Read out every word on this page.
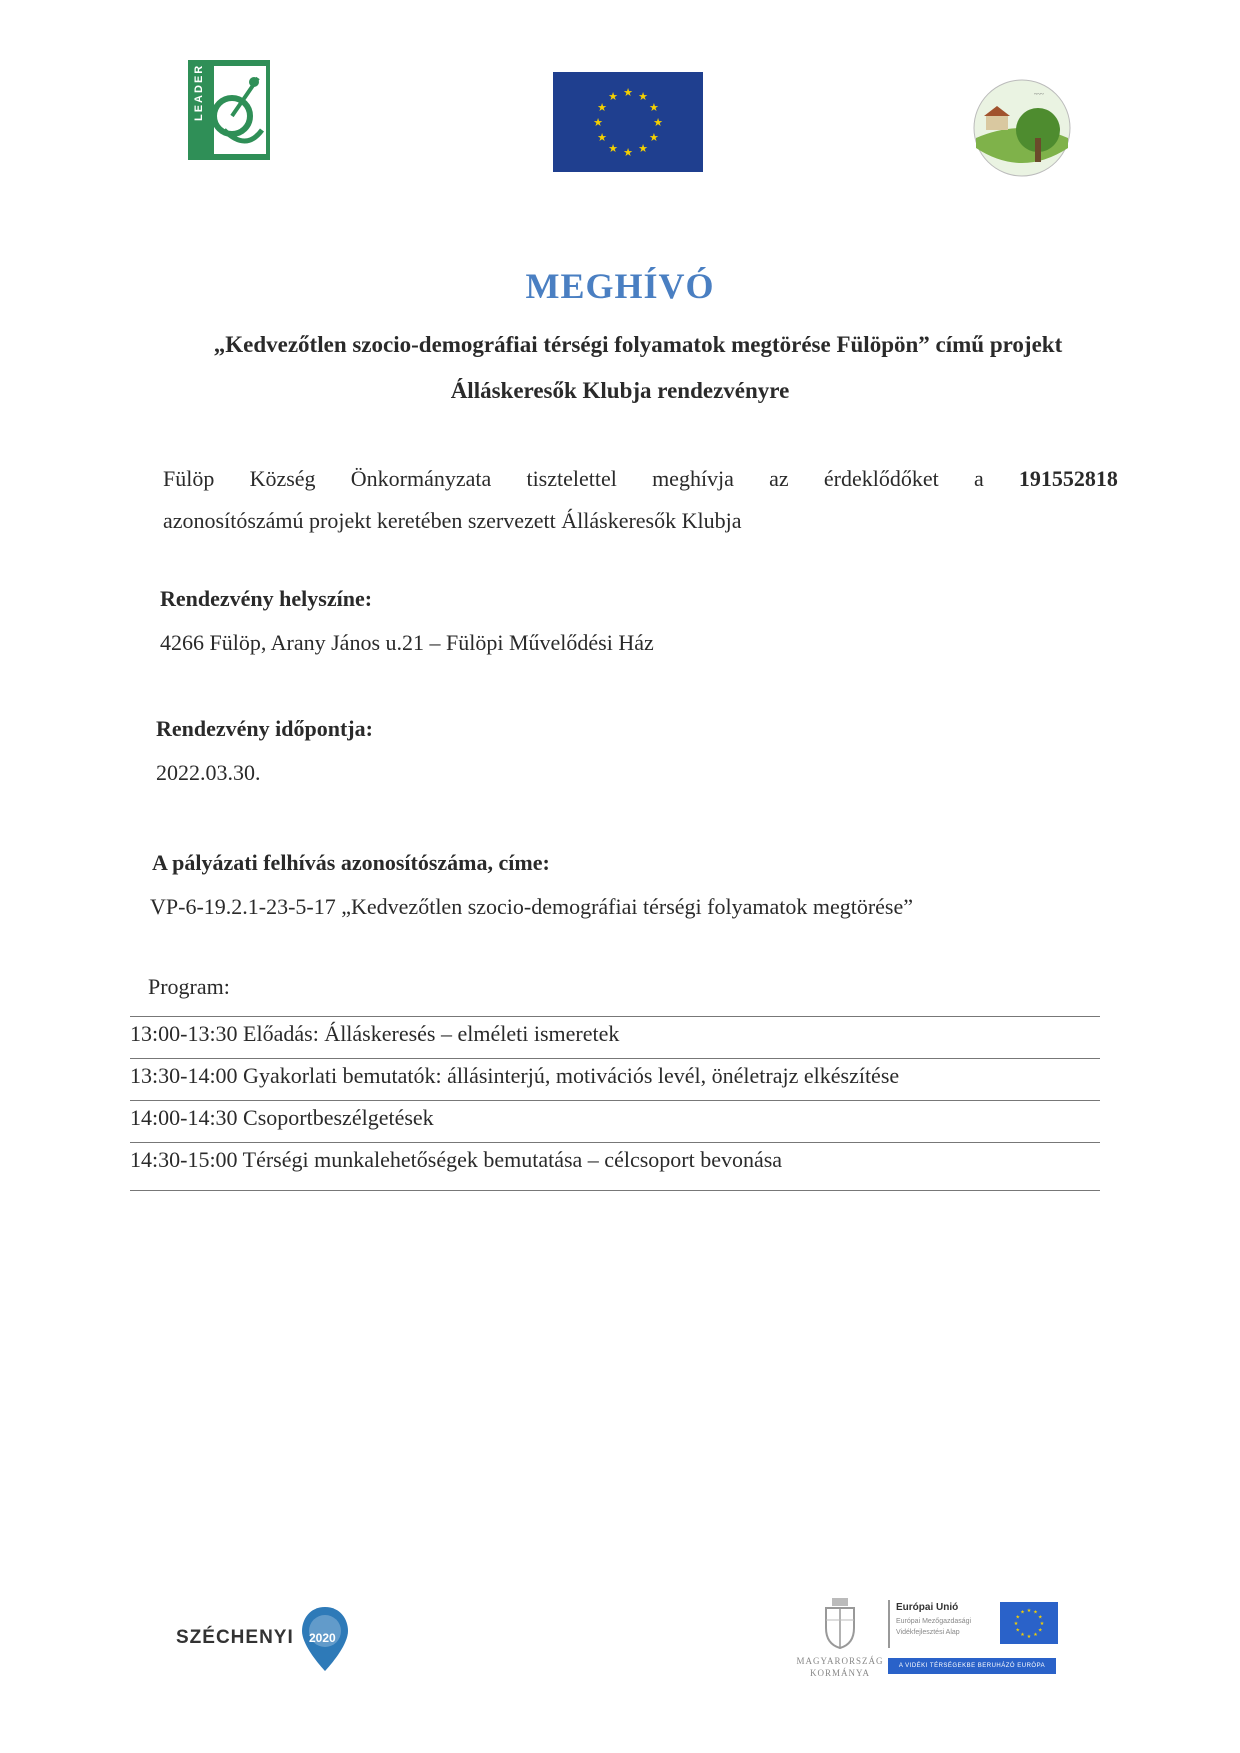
LEADER	★ ★
★
★
★
★
★
★
★
★
★
★	~~~
MEGHÍVÓ
„Kedvezőtlen szocio-demográfiai térségi folyamatok megtörése Fülöpön” című projekt
Álláskeresők Klubja rendezvényre
Fülöp Község Önkormányzata tisztelettel meghívja az érdeklődőket a 191552818
azonosítószámú projekt keretében szervezett Álláskeresők Klubja
Rendezvény helyszíne:
4266 Fülöp, Arany János u.21 – Fülöpi Művelődési Ház
Rendezvény időpontja:
2022.03.30.
A pályázati felhívás azonosítószáma, címe:
VP-6-19.2.1-23-5-17 „Kedvezőtlen szocio-demográfiai térségi folyamatok megtörése”
Program:
13:00-13:30 Előadás: Álláskeresés – elméleti ismeretek
13:30-14:00 Gyakorlati bemutatók: állásinterjú, motivációs levél, önéletrajz elkészítése
14:00-14:30 Csoportbeszélgetések
14:30-15:00 Térségi munkalehetőségek bemutatása – célcsoport bevonása
SZÉCHENYI 2020
MAGYARORSZÁG
KORMÁNYA
Európai Unió
Európai Mezőgazdasági
Vidékfejlesztési Alap
★ ★
★
★
★
★
★
★
★
★
★
★
A VIDÉKI TÉRSÉGEKBE BERUHÁZÓ EURÓPA
